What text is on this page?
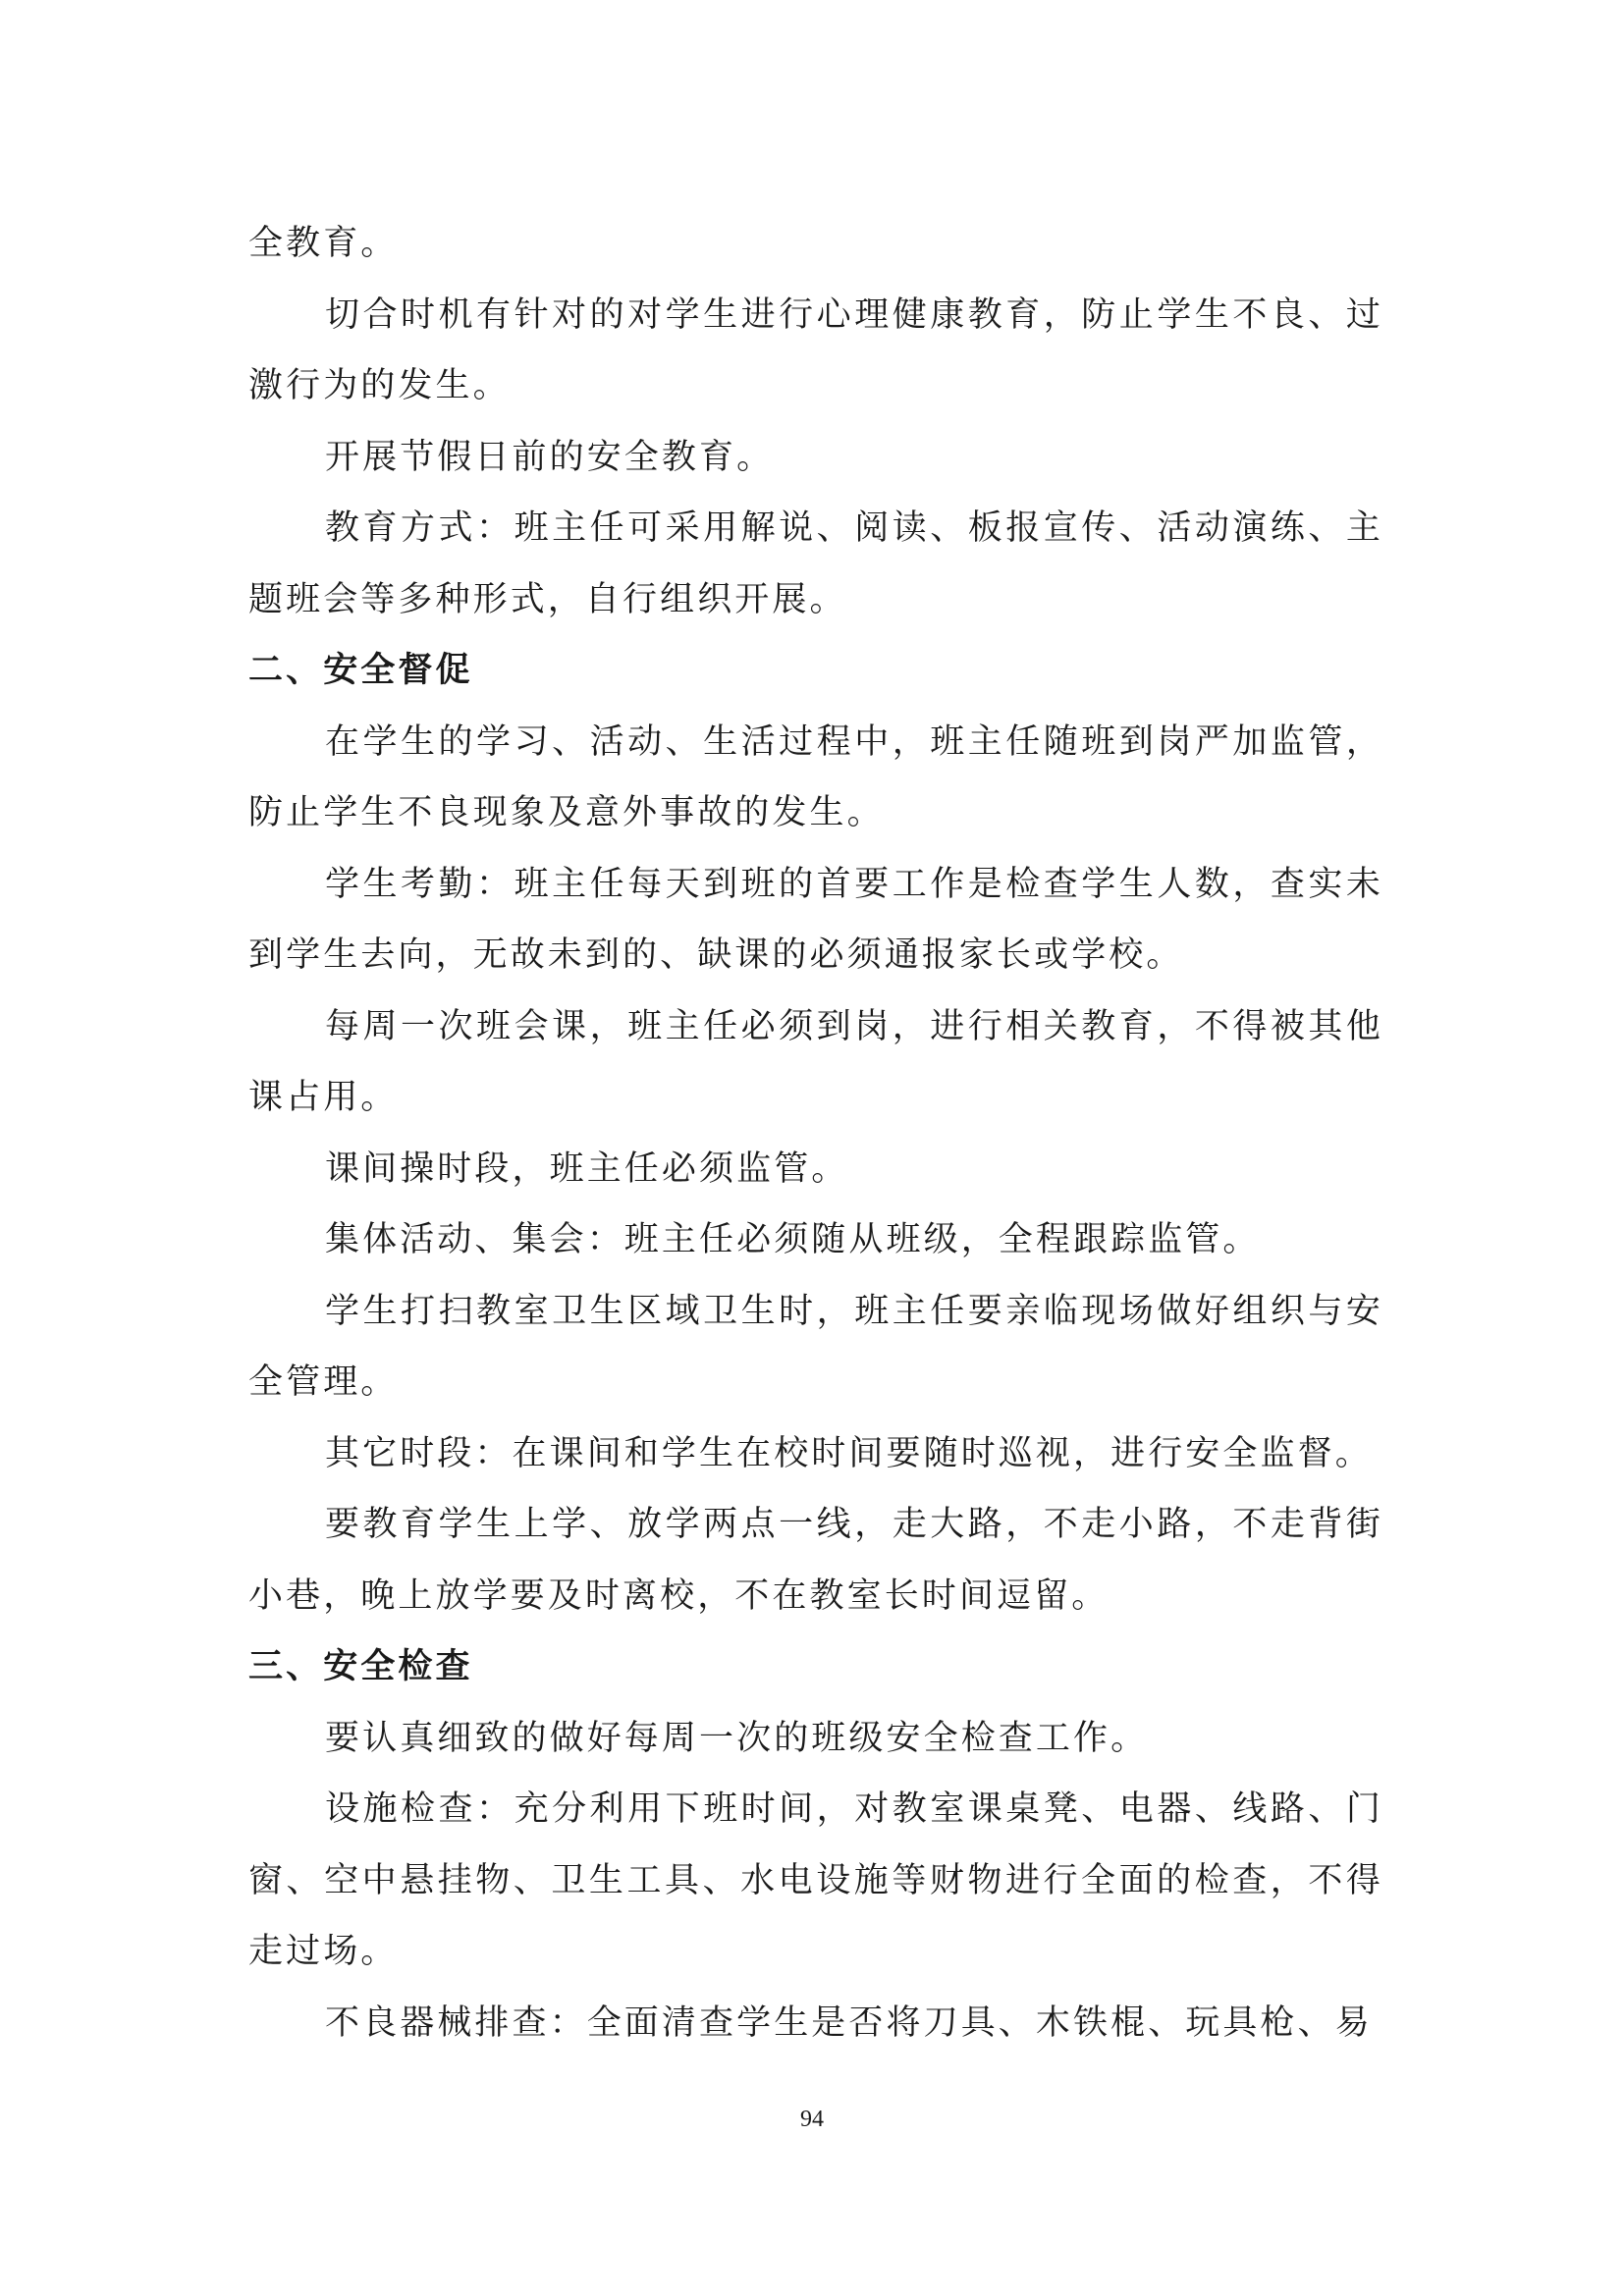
全教育。

切合时机有针对的对学生进行心理健康教育，防止学生不良、过激行为的发生。

开展节假日前的安全教育。

教育方式：班主任可采用解说、阅读、板报宣传、活动演练、主题班会等多种形式，自行组织开展。

二、安全督促

在学生的学习、活动、生活过程中，班主任随班到岗严加监管，防止学生不良现象及意外事故的发生。

学生考勤：班主任每天到班的首要工作是检查学生人数，查实未到学生去向，无故未到的、缺课的必须通报家长或学校。

每周一次班会课，班主任必须到岗，进行相关教育，不得被其他课占用。

课间操时段，班主任必须监管。

集体活动、集会：班主任必须随从班级，全程跟踪监管。

学生打扫教室卫生区域卫生时，班主任要亲临现场做好组织与安全管理。

其它时段：在课间和学生在校时间要随时巡视，进行安全监督。

要教育学生上学、放学两点一线，走大路，不走小路，不走背街小巷，晚上放学要及时离校，不在教室长时间逗留。

三、安全检查

要认真细致的做好每周一次的班级安全检查工作。

设施检查：充分利用下班时间，对教室课桌凳、电器、线路、门窗、空中悬挂物、卫生工具、水电设施等财物进行全面的检查，不得走过场。

不良器械排查：全面清查学生是否将刀具、木铁棍、玩具枪、易

94
